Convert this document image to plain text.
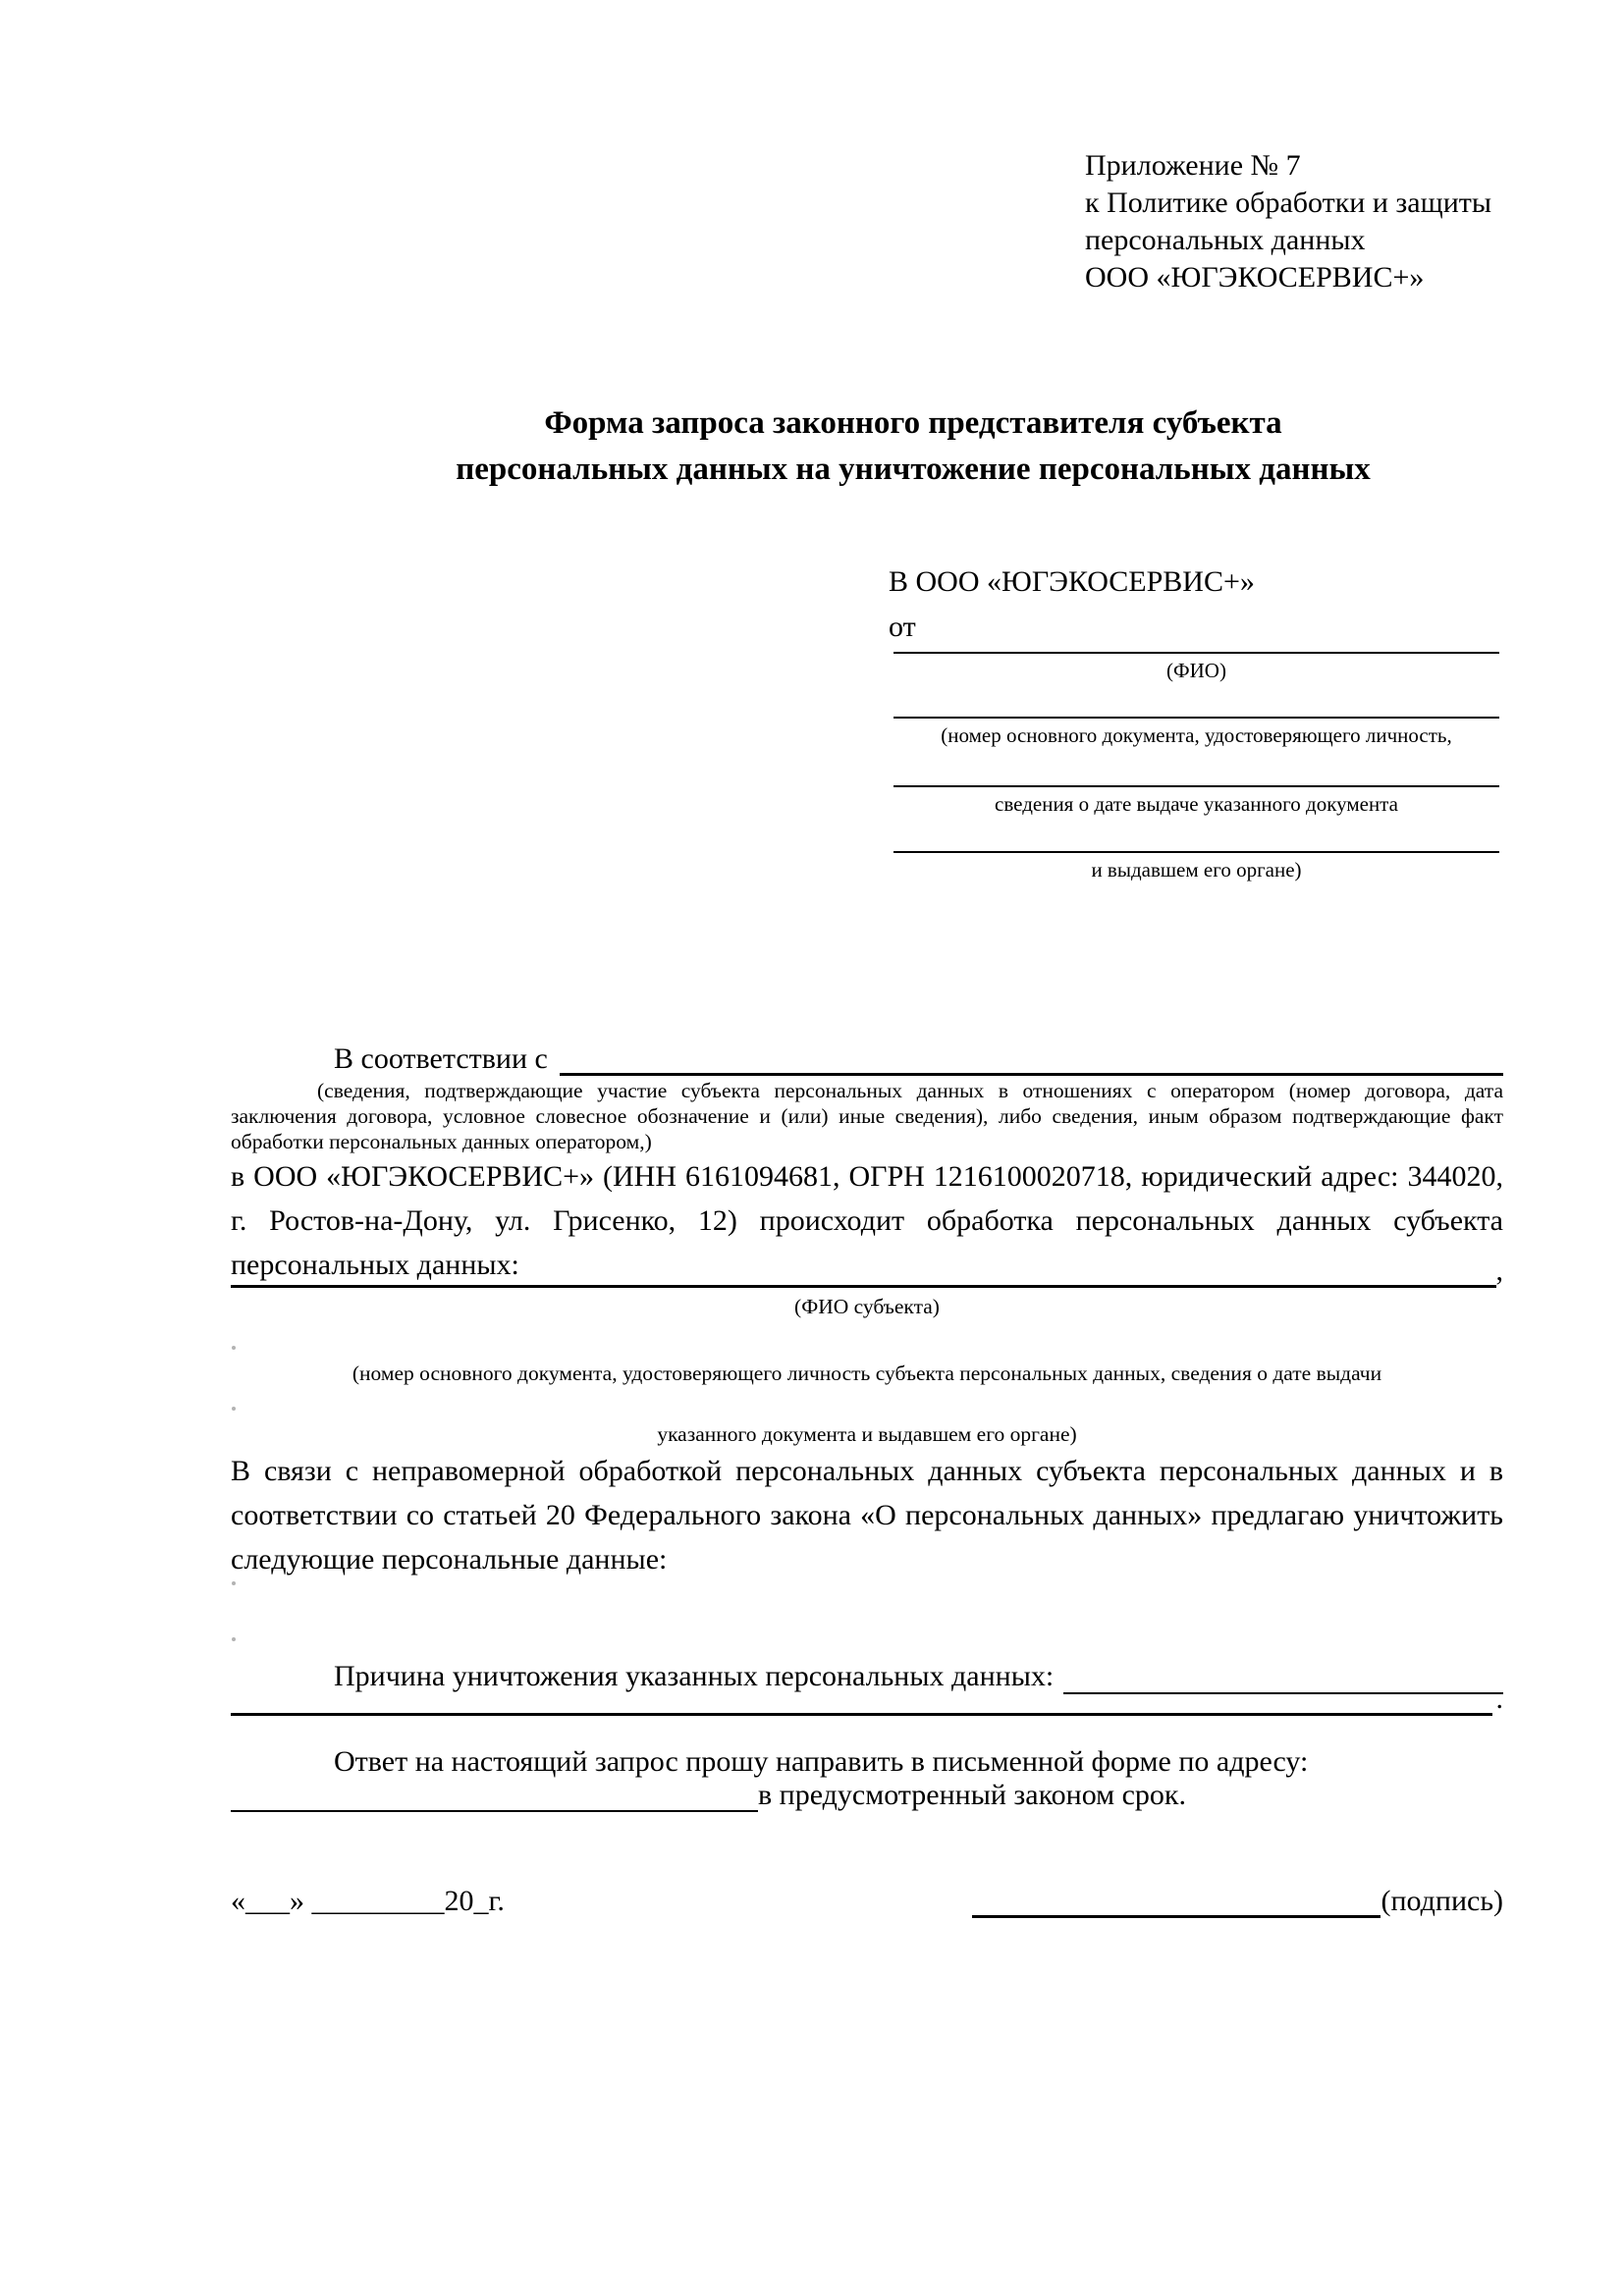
Приложение № 7
к Политике обработки и защиты
персональных данных
ООО «ЮГЭКОСЕРВИС+»
Форма запроса законного представителя субъекта
персональных данных на уничтожение персональных данных
В ООО «ЮГЭКОСЕРВИС+»
от
(ФИО)
(номер основного документа, удостоверяющего личность,
сведения о дате выдаче указанного документа
и выдавшем его органе)
В соответствии с
(сведения, подтверждающие участие субъекта персональных данных в отношениях с оператором (номер договора, дата заключения договора, условное словесное обозначение и (или) иные сведения), либо сведения, иным образом подтверждающие факт обработки персональных данных оператором,)
в ООО «ЮГЭКОСЕРВИС+» (ИНН 6161094681, ОГРН 1216100020718, юридический адрес: 344020, г. Ростов-на-Дону, ул. Грисенко, 12) происходит обработка персональных данных субъекта персональных данных:	,
(ФИО субъекта)
(номер основного документа, удостоверяющего личность субъекта персональных данных, сведения о дате выдачи
указанного документа и выдавшем его органе)
В связи с неправомерной обработкой персональных данных субъекта персональных данных и в соответствии со статьей 20 Федерального закона «О персональных данных» предлагаю уничтожить следующие персональные данные:
Причина уничтожения указанных персональных данных:
.
Ответ на настоящий запрос прошу направить в письменной форме по адресу:
в предусмотренный законом срок.
«___» _________20_г.	(подпись)
